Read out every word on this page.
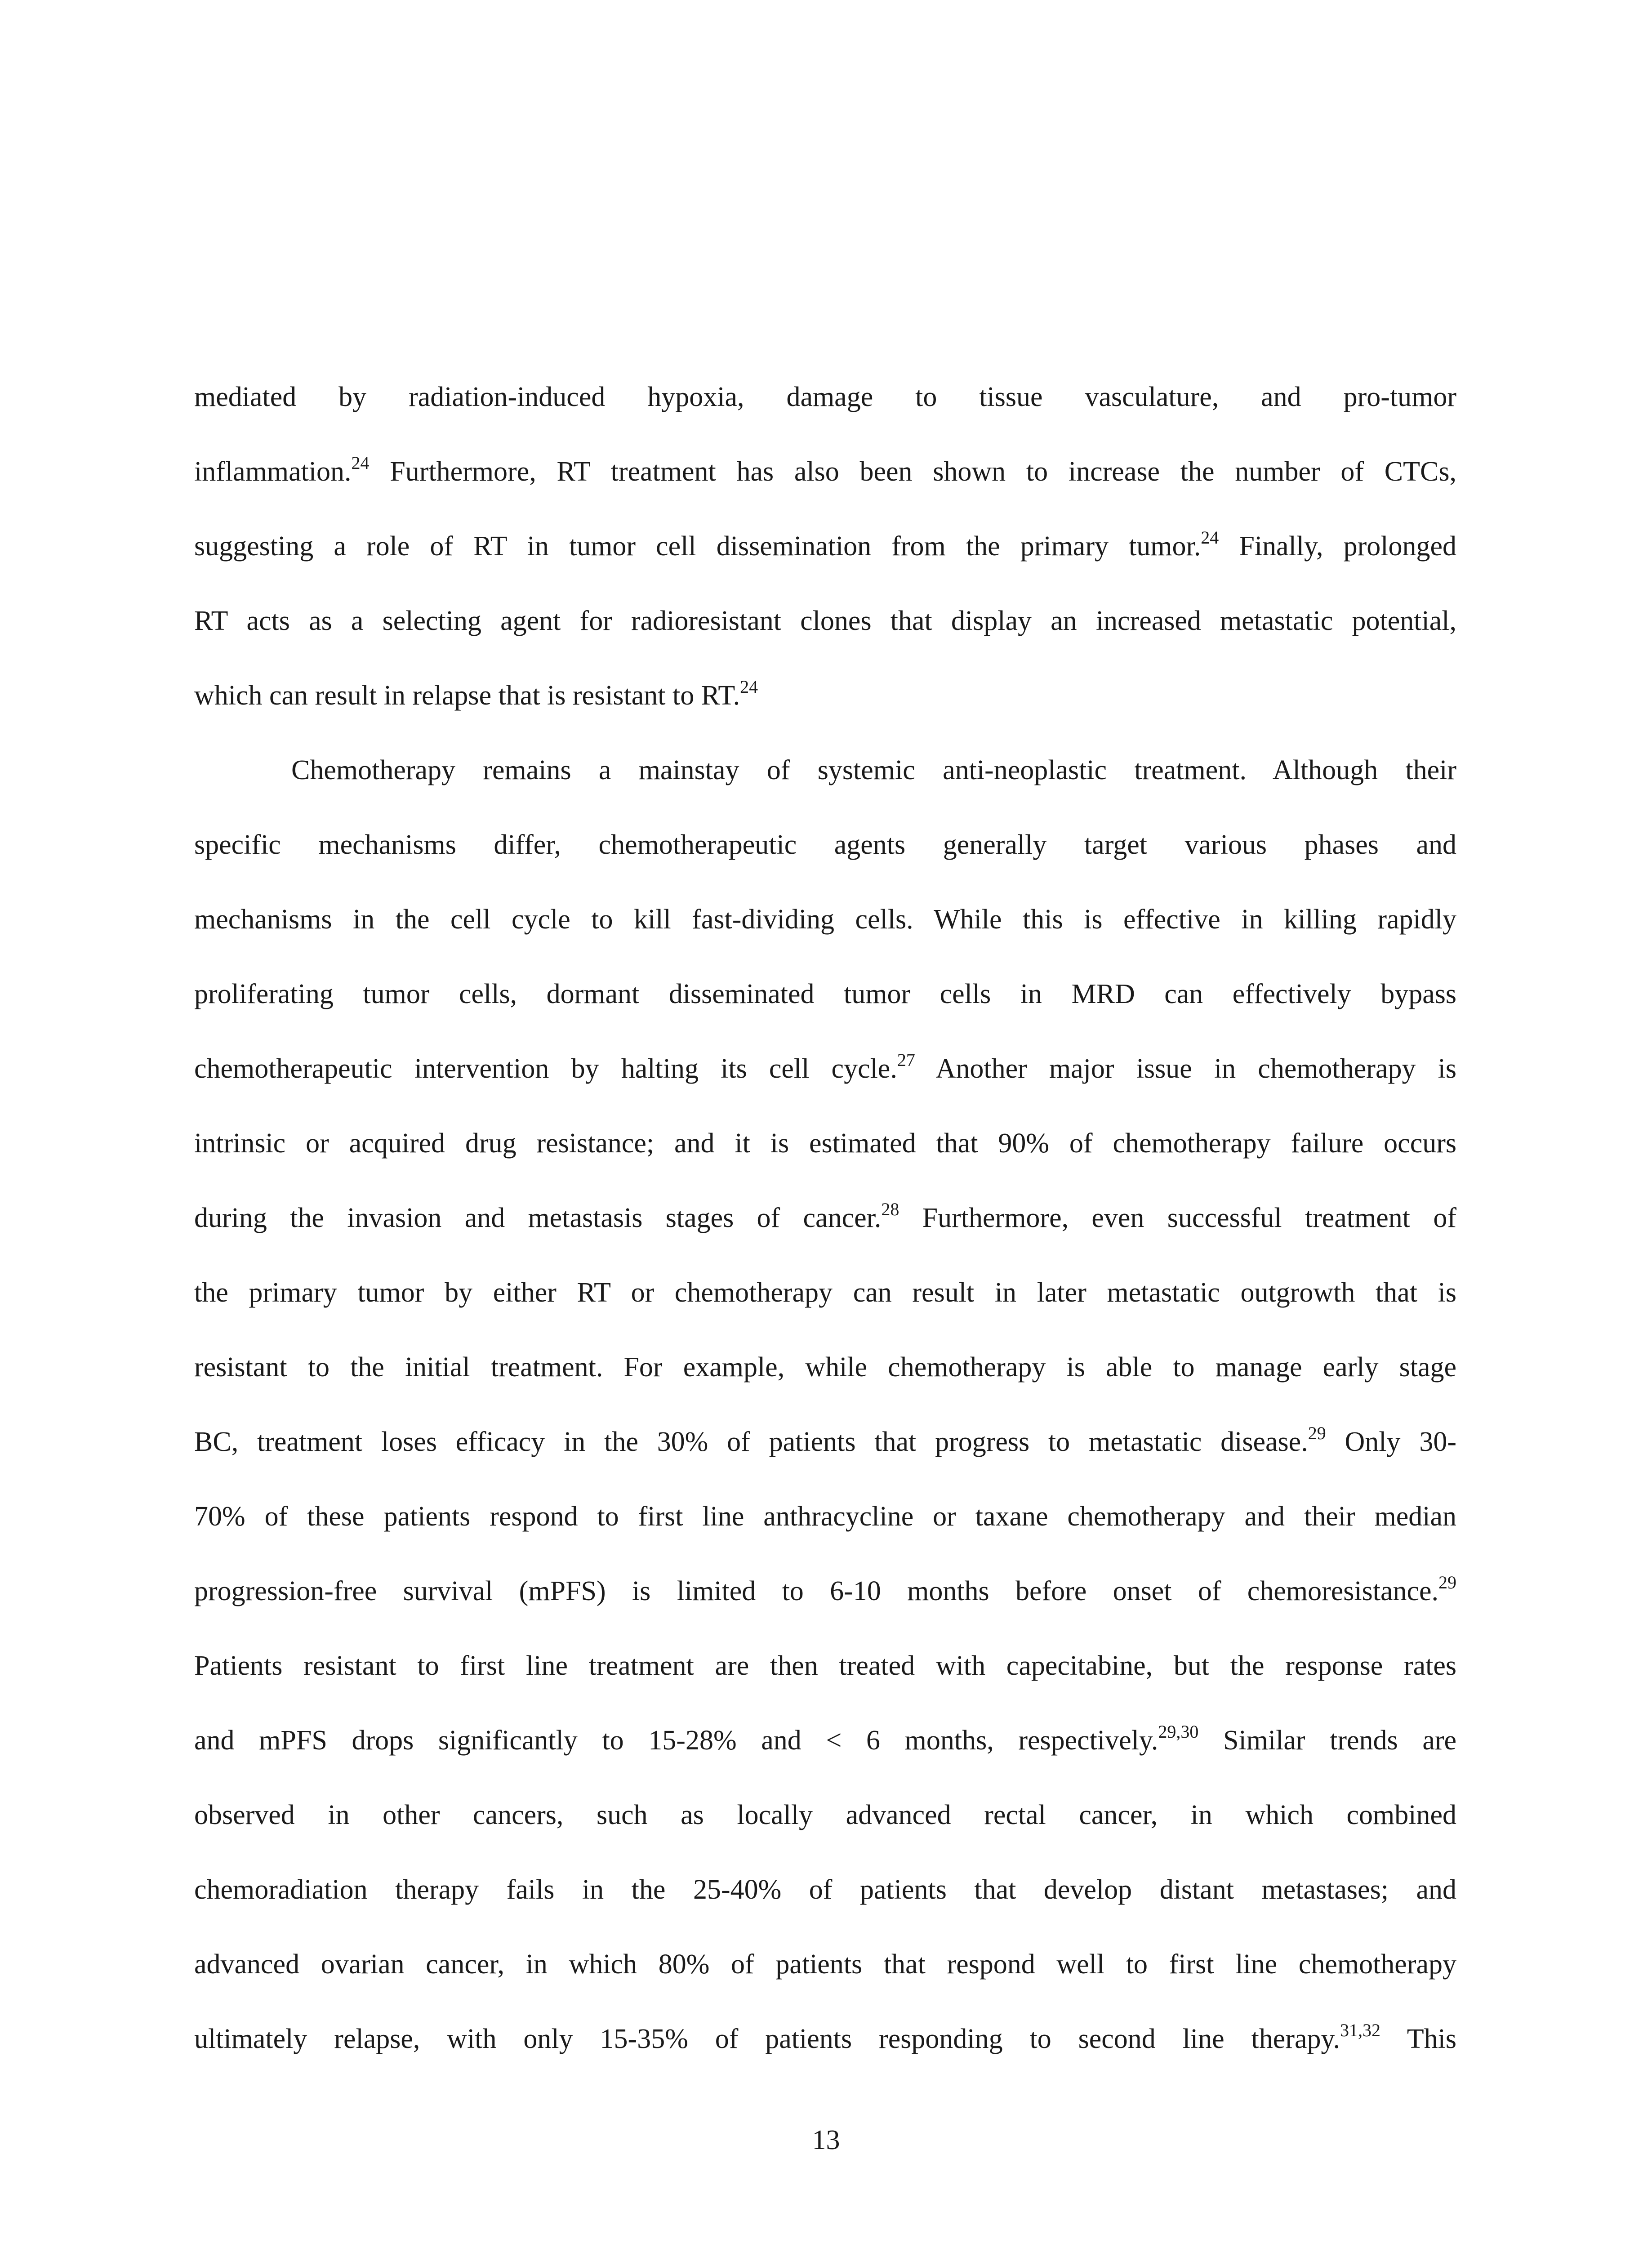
mediated by radiation-induced hypoxia, damage to tissue vasculature, and pro-tumor
inflammation.$^{24}$ Furthermore, RT treatment has also been shown to increase the number of CTCs,
suggesting a role of RT in tumor cell dissemination from the primary tumor.$^{24}$ Finally, prolonged
RT acts as a selecting agent for radioresistant clones that display an increased metastatic potential,
which can result in relapse that is resistant to RT.$^{24}$
Chemotherapy remains a mainstay of systemic anti-neoplastic treatment. Although their
specific mechanisms differ, chemotherapeutic agents generally target various phases and
mechanisms in the cell cycle to kill fast-dividing cells. While this is effective in killing rapidly
proliferating tumor cells, dormant disseminated tumor cells in MRD can effectively bypass
chemotherapeutic intervention by halting its cell cycle.$^{27}$ Another major issue in chemotherapy is
intrinsic or acquired drug resistance; and it is estimated that 90% of chemotherapy failure occurs
during the invasion and metastasis stages of cancer.$^{28}$ Furthermore, even successful treatment of
the primary tumor by either RT or chemotherapy can result in later metastatic outgrowth that is
resistant to the initial treatment. For example, while chemotherapy is able to manage early stage
BC, treatment loses efficacy in the 30% of patients that progress to metastatic disease.$^{29}$ Only 30-
70% of these patients respond to first line anthracycline or taxane chemotherapy and their median
progression-free survival (mPFS) is limited to 6-10 months before onset of chemoresistance.$^{29}$
Patients resistant to first line treatment are then treated with capecitabine, but the response rates
and mPFS drops significantly to 15-28% and < 6 months, respectively.$^{29,30}$ Similar trends are
observed in other cancers, such as locally advanced rectal cancer, in which combined
chemoradiation therapy fails in the 25-40% of patients that develop distant metastases; and
advanced ovarian cancer, in which 80% of patients that respond well to first line chemotherapy
ultimately relapse, with only 15-35% of patients responding to second line therapy.$^{31,32}$ This
13
